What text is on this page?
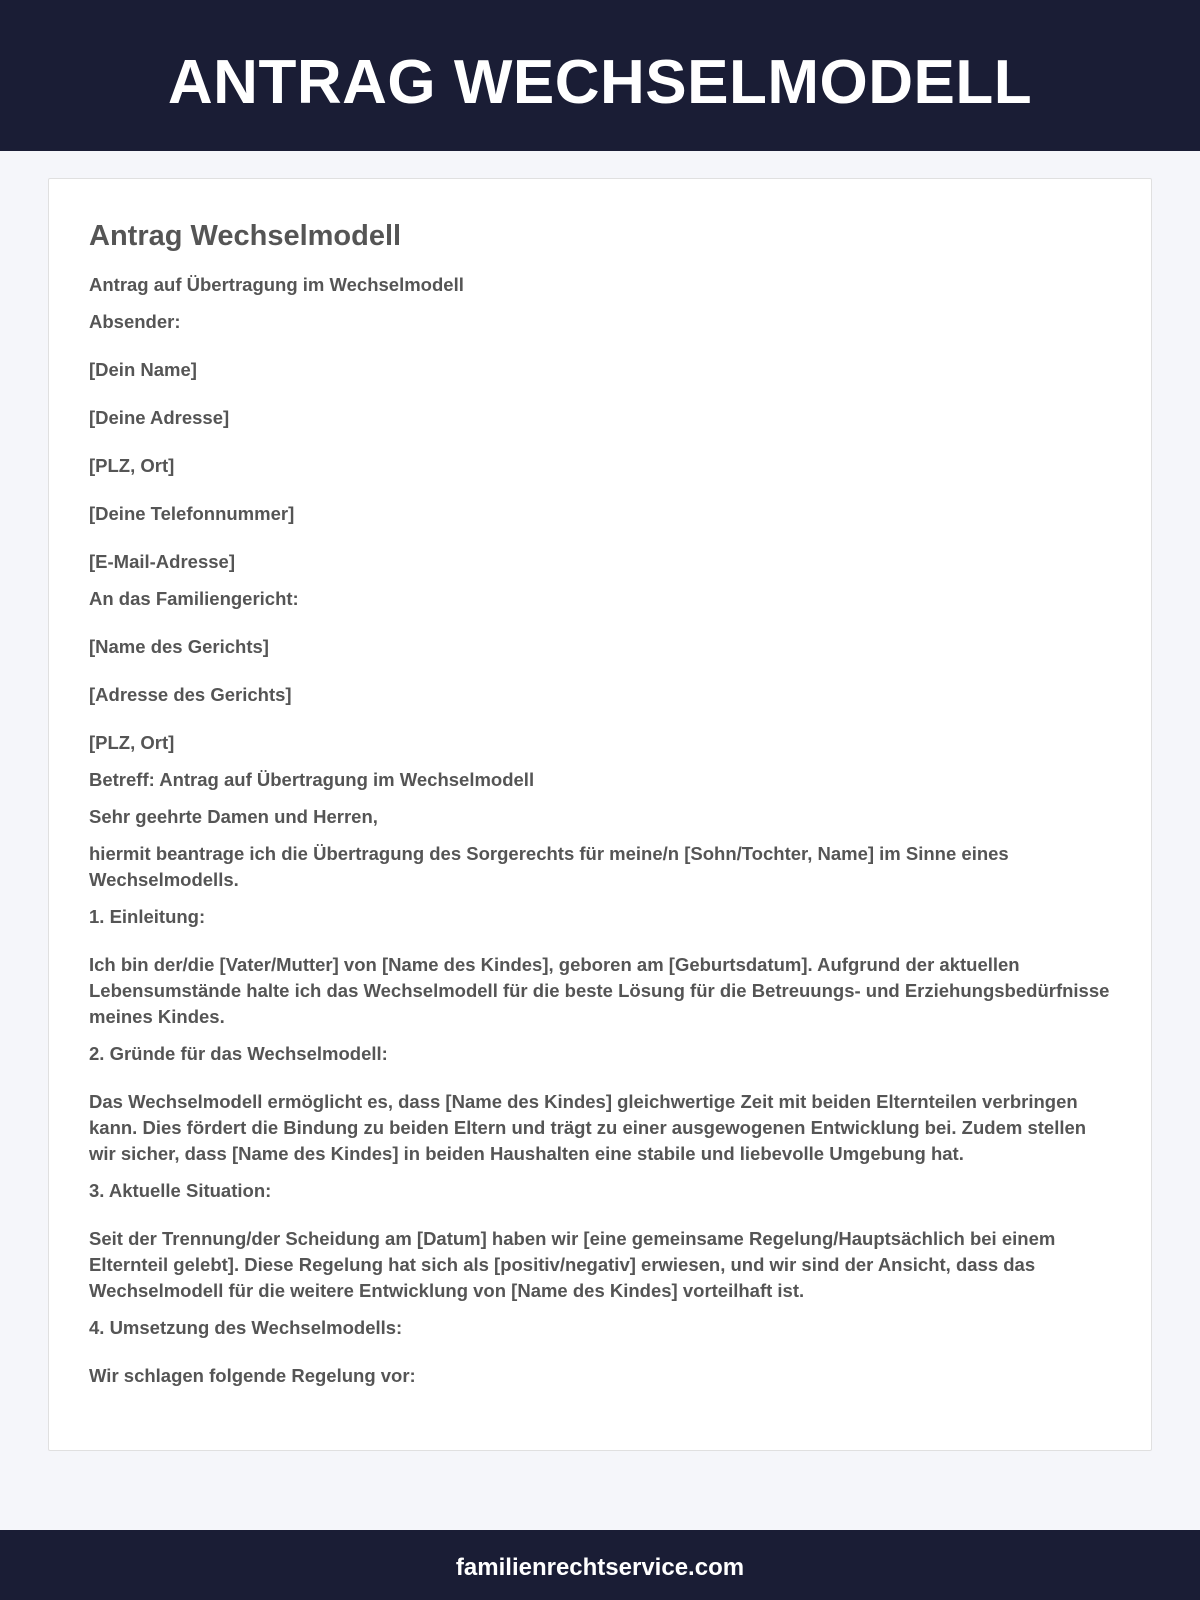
ANTRAG WECHSELMODELL
Antrag Wechselmodell

Antrag auf Übertragung im Wechselmodell

Absender:

[Dein Name]

[Deine Adresse]

[PLZ, Ort]

[Deine Telefonnummer]

[E-Mail-Adresse]

An das Familiengericht:

[Name des Gerichts]

[Adresse des Gerichts]

[PLZ, Ort]

Betreff: Antrag auf Übertragung im Wechselmodell

Sehr geehrte Damen und Herren,

hiermit beantrage ich die Übertragung des Sorgerechts für meine/n [Sohn/Tochter, Name] im Sinne eines Wechselmodells.

1. Einleitung:

Ich bin der/die [Vater/Mutter] von [Name des Kindes], geboren am [Geburtsdatum]. Aufgrund der aktuellen Lebensumstände halte ich das Wechselmodell für die beste Lösung für die Betreuungs- und Erziehungsbedürfnisse meines Kindes.

2. Gründe für das Wechselmodell:

Das Wechselmodell ermöglicht es, dass [Name des Kindes] gleichwertige Zeit mit beiden Elternteilen verbringen kann. Dies fördert die Bindung zu beiden Eltern und trägt zu einer ausgewogenen Entwicklung bei. Zudem stellen wir sicher, dass [Name des Kindes] in beiden Haushalten eine stabile und liebevolle Umgebung hat.

3. Aktuelle Situation:

Seit der Trennung/der Scheidung am [Datum] haben wir [eine gemeinsame Regelung/Hauptsächlich bei einem Elternteil gelebt]. Diese Regelung hat sich als [positiv/negativ] erwiesen, und wir sind der Ansicht, dass das Wechselmodell für die weitere Entwicklung von [Name des Kindes] vorteilhaft ist.

4. Umsetzung des Wechselmodells:

Wir schlagen folgende Regelung vor:

familienrechtservice.com
